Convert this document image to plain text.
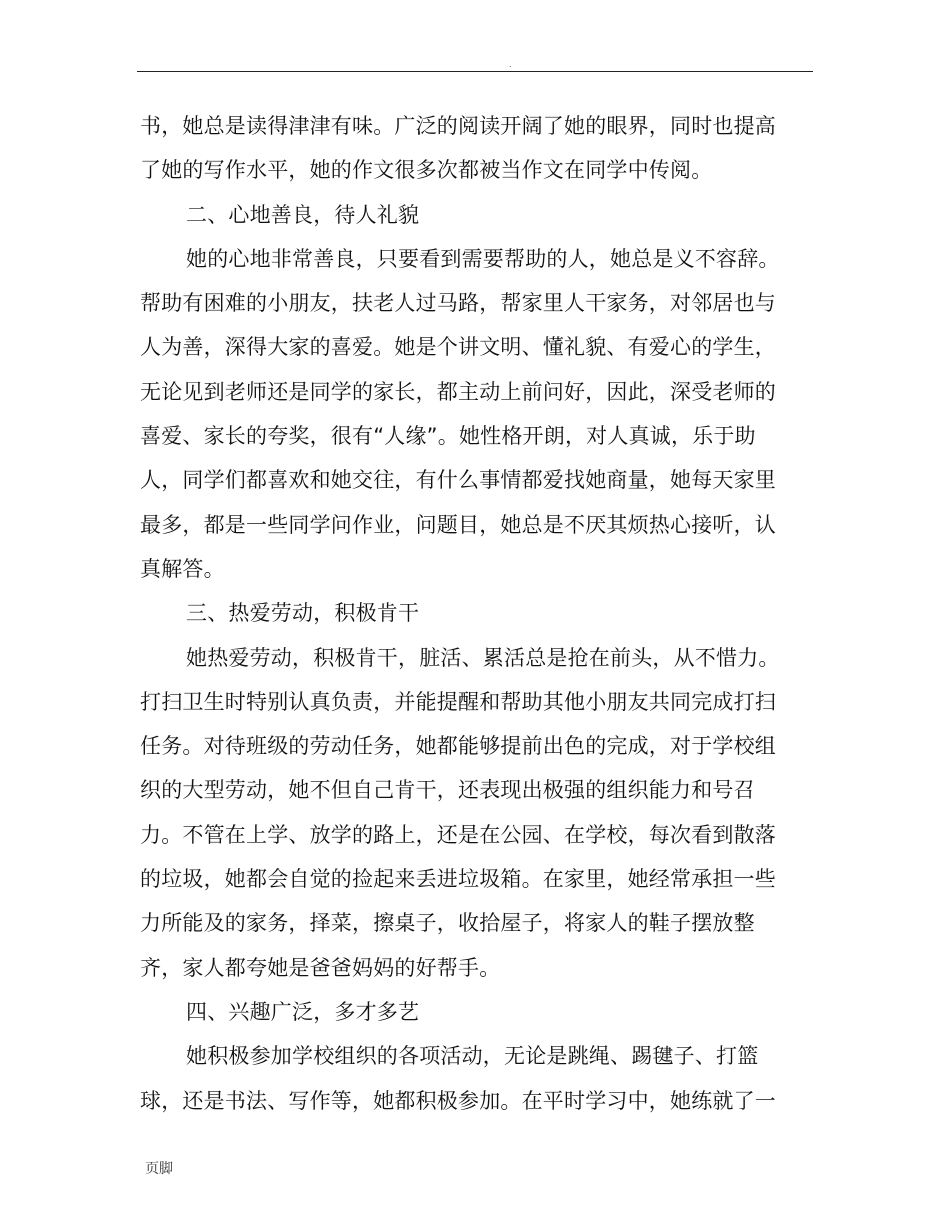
.
书，她总是读得津津有味。广泛的阅读开阔了她的眼界，同时也提高
了她的写作水平，她的作文很多次都被当作文在同学中传阅。
二、心地善良，待人礼貌
她的心地非常善良，只要看到需要帮助的人，她总是义不容辞。
帮助有困难的小朋友，扶老人过马路，帮家里人干家务，对邻居也与
人为善，深得大家的喜爱。她是个讲文明、懂礼貌、有爱心的学生，
无论见到老师还是同学的家长，都主动上前问好，因此，深受老师的
喜爱、家长的夸奖，很有“人缘”。她性格开朗，对人真诚，乐于助
人，同学们都喜欢和她交往，有什么事情都爱找她商量，她每天家里
最多，都是一些同学问作业，问题目，她总是不厌其烦热心接听，认
真解答。
三、热爱劳动，积极肯干
她热爱劳动，积极肯干，脏活、累活总是抢在前头，从不惜力。
打扫卫生时特别认真负责，并能提醒和帮助其他小朋友共同完成打扫
任务。对待班级的劳动任务，她都能够提前出色的完成，对于学校组
织的大型劳动，她不但自己肯干，还表现出极强的组织能力和号召
力。不管在上学、放学的路上，还是在公园、在学校，每次看到散落
的垃圾，她都会自觉的捡起来丢进垃圾箱。在家里，她经常承担一些
力所能及的家务，择菜，擦桌子，收拾屋子，将家人的鞋子摆放整
齐，家人都夸她是爸爸妈妈的好帮手。
四、兴趣广泛，多才多艺
她积极参加学校组织的各项活动，无论是跳绳、踢毽子、打篮
球，还是书法、写作等，她都积极参加。在平时学习中，她练就了一
页脚
